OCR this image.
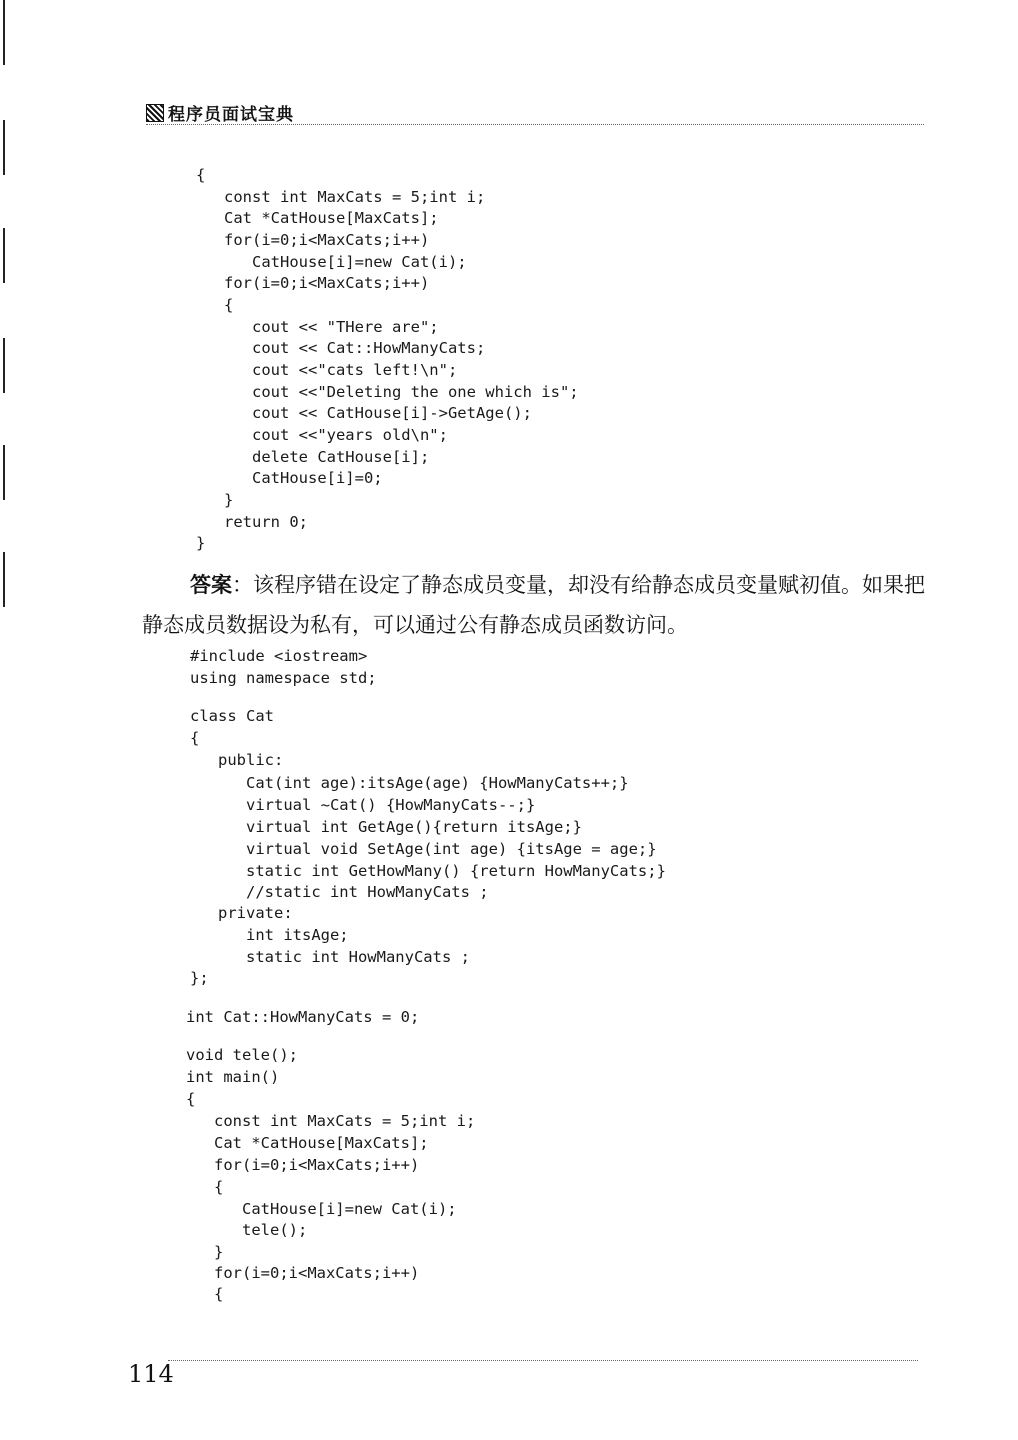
程序员面试宝典
{
const int MaxCats = 5;int i;
Cat *CatHouse[MaxCats];
for(i=0;i<MaxCats;i++)
CatHouse[i]=new Cat(i);
for(i=0;i<MaxCats;i++)
{
cout << "THere are";
cout << Cat::HowManyCats;
cout <<"cats left!\n";
cout <<"Deleting the one which is";
cout << CatHouse[i]->GetAge();
cout <<"years old\n";
delete CatHouse[i];
CatHouse[i]=0;
}
return 0;
}
答案：该程序错在设定了静态成员变量，却没有给静态成员变量赋初值。如果把静态成员数据设为私有，可以通过公有静态成员函数访问。
#include <iostream>
using namespace std;
class Cat
{
public:
Cat(int age):itsAge(age) {HowManyCats++;}
virtual ~Cat() {HowManyCats--;}
virtual int GetAge(){return itsAge;}
virtual void SetAge(int age) {itsAge = age;}
static int GetHowMany() {return HowManyCats;}
//static int HowManyCats ;
private:
int itsAge;
static int HowManyCats ;
};
int Cat::HowManyCats = 0;
void tele();
int main()
{
const int MaxCats = 5;int i;
Cat *CatHouse[MaxCats];
for(i=0;i<MaxCats;i++)
{
CatHouse[i]=new Cat(i);
tele();
}
for(i=0;i<MaxCats;i++)
{
114
